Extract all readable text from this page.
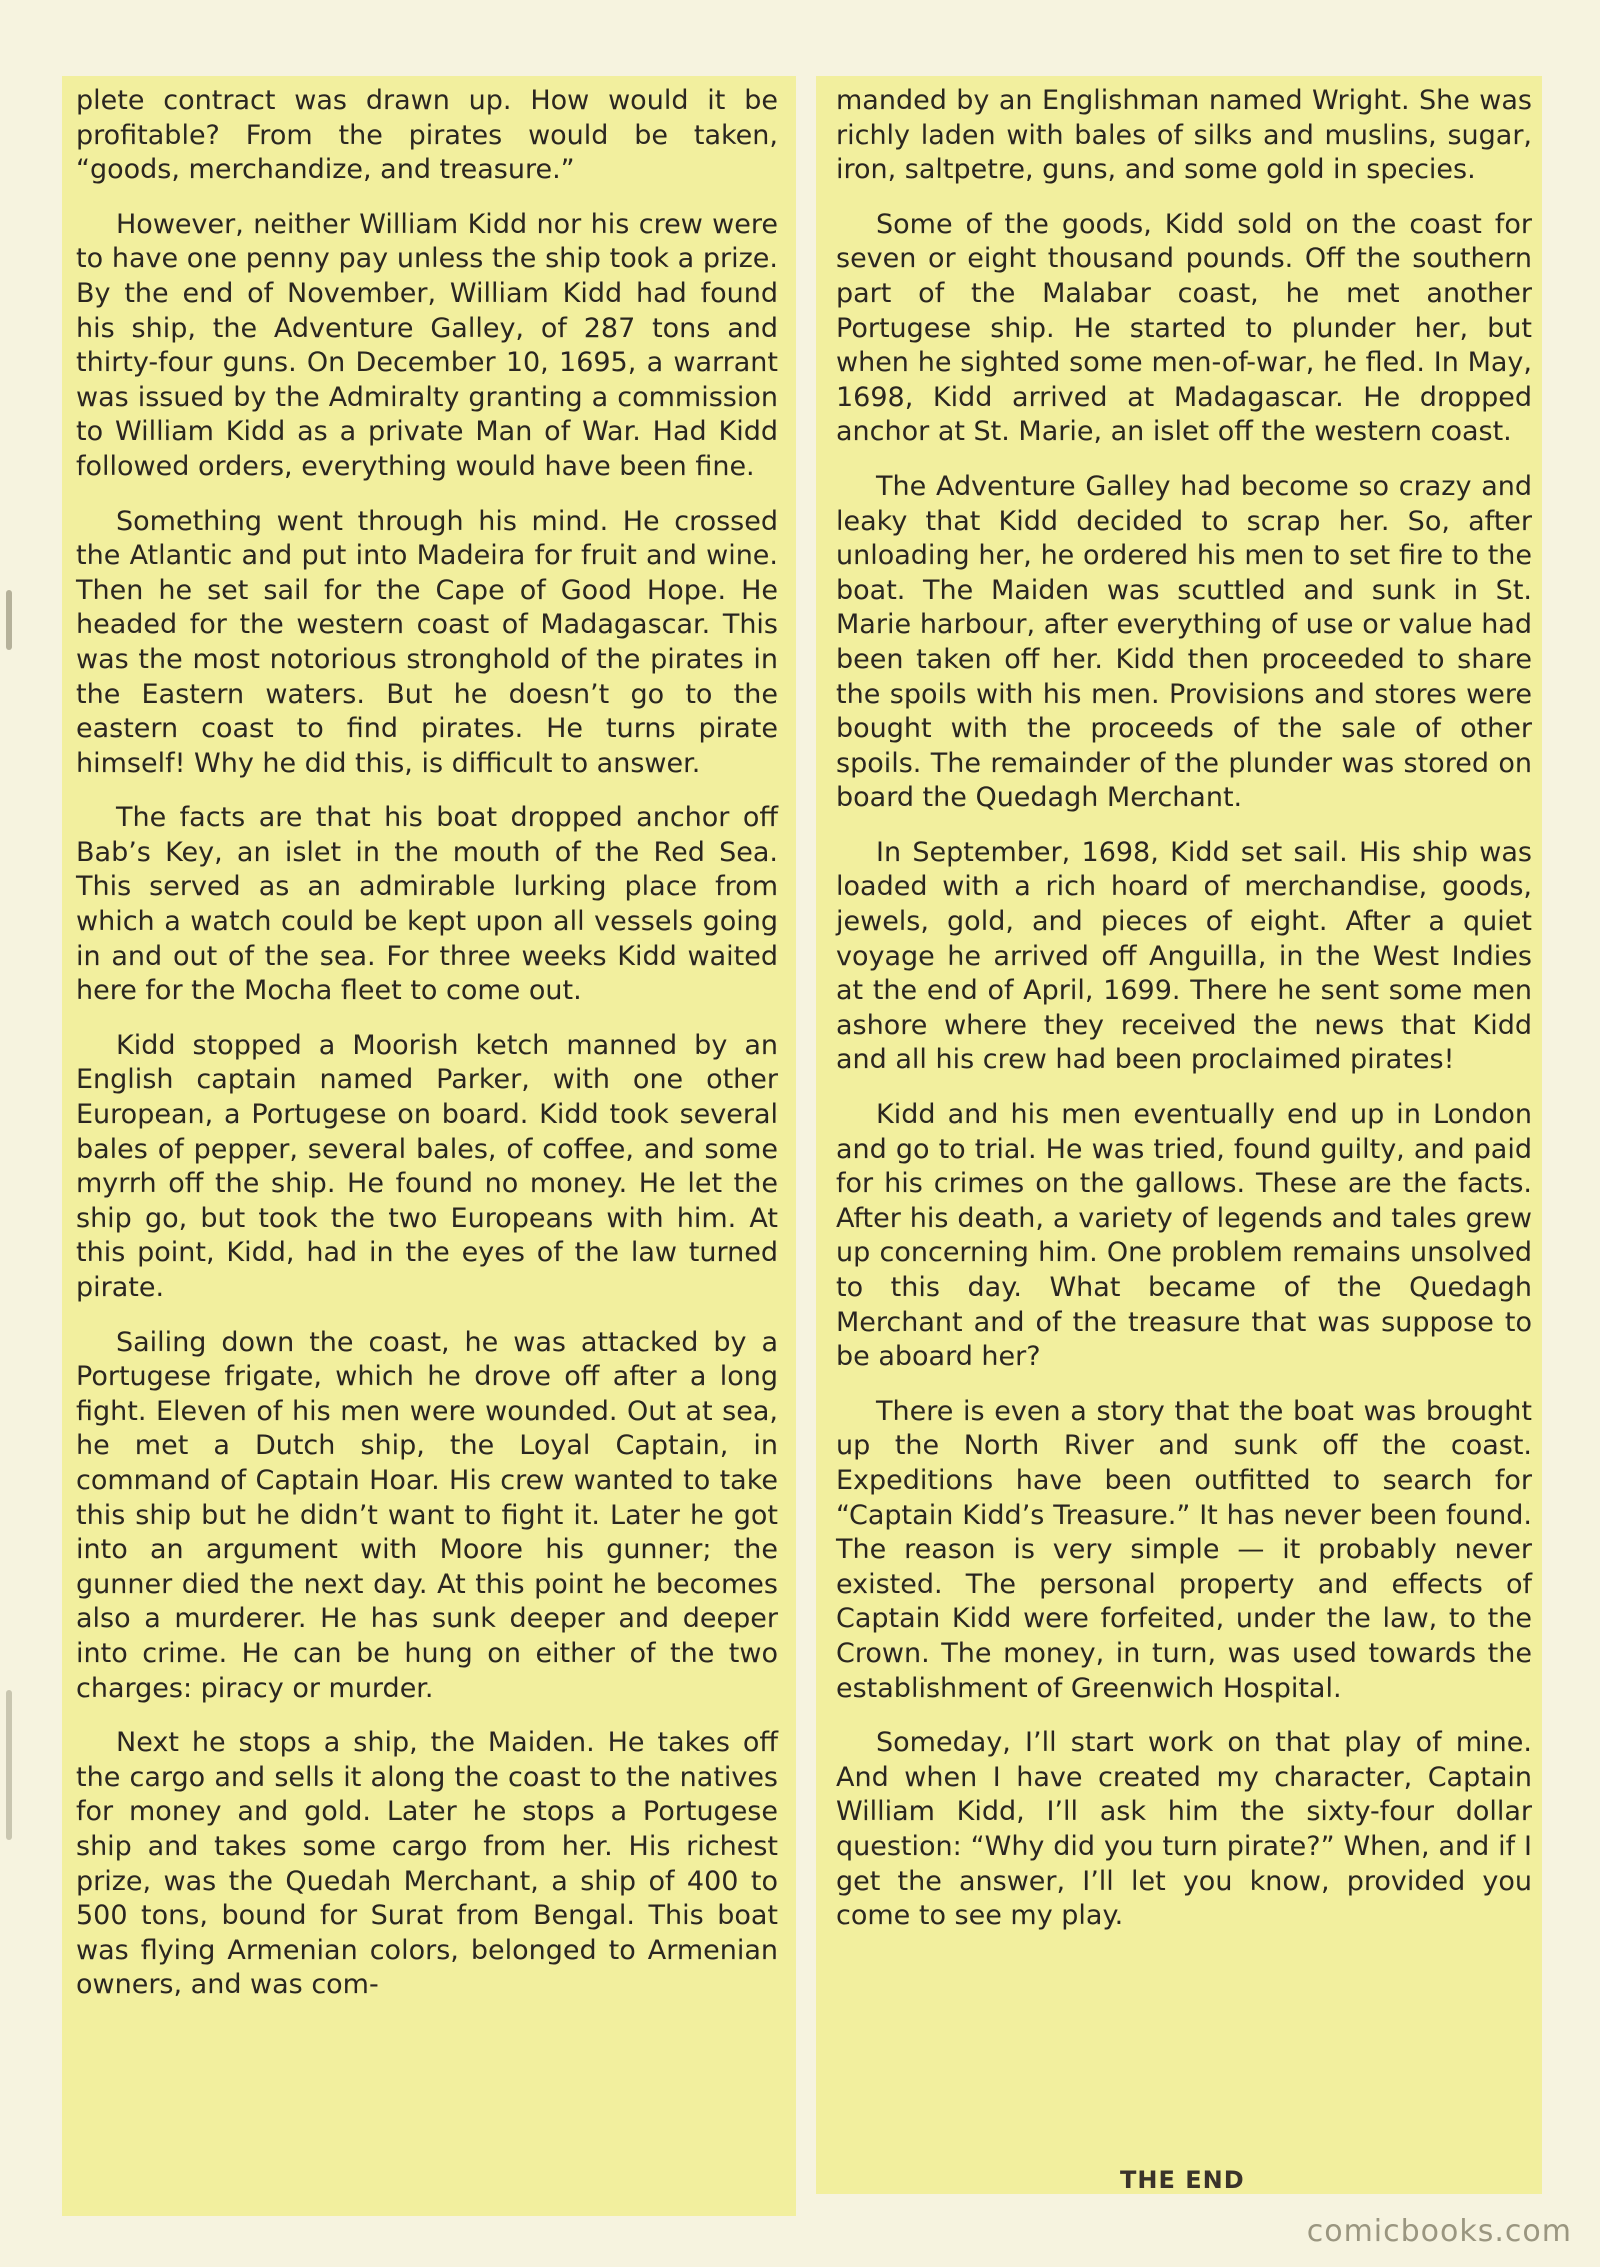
plete contract was drawn up. How would it be profitable? From the pirates would be taken, “goods, merchandize, and treasure.”

However, neither William Kidd nor his crew were to have one penny pay unless the ship took a prize. By the end of November, William Kidd had found his ship, the Adventure Galley, of 287 tons and thirty-four guns. On December 10, 1695, a warrant was issued by the Admiralty granting a commission to William Kidd as a private Man of War. Had Kidd followed orders, everything would have been fine.

Something went through his mind. He crossed the Atlantic and put into Madeira for fruit and wine. Then he set sail for the Cape of Good Hope. He headed for the western coast of Madagascar. This was the most notorious stronghold of the pirates in the Eastern waters. But he doesn’t go to the eastern coast to find pirates. He turns pirate himself! Why he did this, is difficult to answer.

The facts are that his boat dropped anchor off Bab’s Key, an islet in the mouth of the Red Sea. This served as an admirable lurking place from which a watch could be kept upon all vessels going in and out of the sea. For three weeks Kidd waited here for the Mocha fleet to come out.

Kidd stopped a Moorish ketch manned by an English captain named Parker, with one other European, a Portugese on board. Kidd took several bales of pepper, several bales, of coffee, and some myrrh off the ship. He found no money. He let the ship go, but took the two Europeans with him. At this point, Kidd, had in the eyes of the law turned pirate.

Sailing down the coast, he was attacked by a Portugese frigate, which he drove off after a long fight. Eleven of his men were wounded. Out at sea, he met a Dutch ship, the Loyal Captain, in command of Captain Hoar. His crew wanted to take this ship but he didn’t want to fight it. Later he got into an argument with Moore his gunner; the gunner died the next day. At this point he becomes also a murderer. He has sunk deeper and deeper into crime. He can be hung on either of the two charges: piracy or murder.

Next he stops a ship, the Maiden. He takes off the cargo and sells it along the coast to the natives for money and gold. Later he stops a Portugese ship and takes some cargo from her. His richest prize, was the Quedah Merchant, a ship of 400 to 500 tons, bound for Surat from Bengal. This boat was flying Armenian colors, belonged to Armenian owners, and was com-

manded by an Englishman named Wright. She was richly laden with bales of silks and muslins, sugar, iron, saltpetre, guns, and some gold in species.

Some of the goods, Kidd sold on the coast for seven or eight thousand pounds. Off the southern part of the Malabar coast, he met another Portugese ship. He started to plunder her, but when he sighted some men-of-war, he fled. In May, 1698, Kidd arrived at Madagascar. He dropped anchor at St. Marie, an islet off the western coast.

The Adventure Galley had become so crazy and leaky that Kidd decided to scrap her. So, after unloading her, he ordered his men to set fire to the boat. The Maiden was scuttled and sunk in St. Marie harbour, after everything of use or value had been taken off her. Kidd then proceeded to share the spoils with his men. Provisions and stores were bought with the proceeds of the sale of other spoils. The remainder of the plunder was stored on board the Quedagh Merchant.

In September, 1698, Kidd set sail. His ship was loaded with a rich hoard of merchandise, goods, jewels, gold, and pieces of eight. After a quiet voyage he arrived off Anguilla, in the West Indies at the end of April, 1699. There he sent some men ashore where they received the news that Kidd and all his crew had been proclaimed pirates!

Kidd and his men eventually end up in London and go to trial. He was tried, found guilty, and paid for his crimes on the gallows. These are the facts. After his death, a variety of legends and tales grew up concerning him. One problem remains unsolved to this day. What became of the Quedagh Merchant and of the treasure that was suppose to be aboard her?

There is even a story that the boat was brought up the North River and sunk off the coast. Expeditions have been outfitted to search for “Captain Kidd’s Treasure.” It has never been found. The reason is very simple — it probably never existed. The personal property and effects of Captain Kidd were forfeited, under the law, to the Crown. The money, in turn, was used towards the establishment of Greenwich Hospital.

Someday, I’ll start work on that play of mine. And when I have created my character, Captain William Kidd, I’ll ask him the sixty-four dollar question: “Why did you turn pirate?” When, and if I get the answer, I’ll let you know, provided you come to see my play.

THE END
comicbooks.com
